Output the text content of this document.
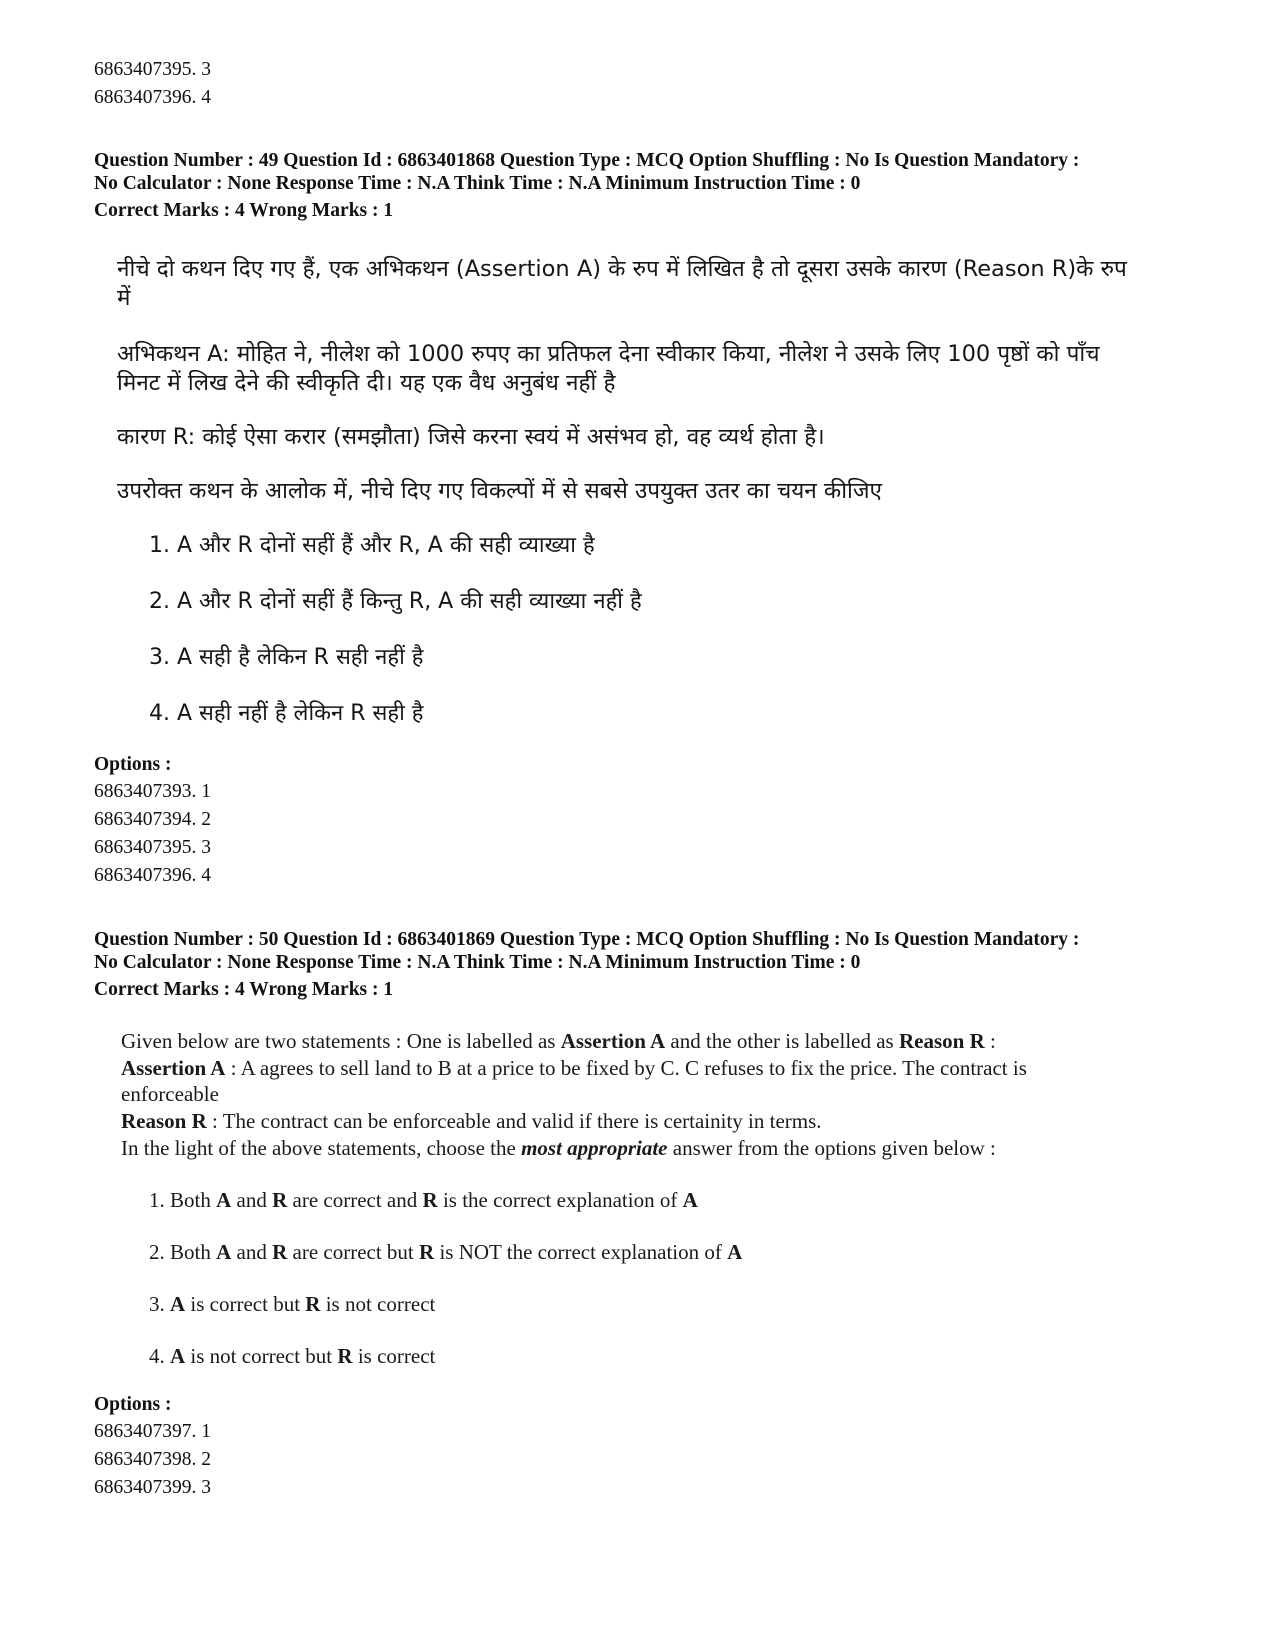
6863407395. 3
6863407396. 4
Question Number : 49 Question Id : 6863401868 Question Type : MCQ Option Shuffling : No Is Question Mandatory :
No Calculator : None Response Time : N.A Think Time : N.A Minimum Instruction Time : 0
Correct Marks : 4 Wrong Marks : 1
नीचे दो कथन दिए गए हैं, एक अभिकथन (Assertion A) के रुप में लिखित है तो दूसरा उसके कारण (Reason R)के रुप
में
अभिकथन A: मोहित ने, नीलेश को 1000 रुपए का प्रतिफल देना स्वीकार किया, नीलेश ने उसके लिए 100 पृष्ठों को पाँच
मिनट में लिख देने की स्वीकृति दी। यह एक वैध अनुबंध नहीं है
कारण R: कोई ऐसा करार (समझौता) जिसे करना स्वयं में असंभव हो, वह व्यर्थ होता है।
उपरोक्त कथन के आलोक में, नीचे दिए गए विकल्पों में से सबसे उपयुक्त उतर का चयन कीजिए
1. A और R दोनों सहीं हैं और R, A की सही व्याख्या है
2. A और R दोनों सहीं हैं किन्तु R, A की सही व्याख्या नहीं है
3. A सही है लेकिन R सही नहीं है
4. A सही नहीं है लेकिन R सही है
Options :
6863407393. 1
6863407394. 2
6863407395. 3
6863407396. 4
Question Number : 50 Question Id : 6863401869 Question Type : MCQ Option Shuffling : No Is Question Mandatory :
No Calculator : None Response Time : N.A Think Time : N.A Minimum Instruction Time : 0
Correct Marks : 4 Wrong Marks : 1
Given below are two statements : One is labelled as Assertion A and the other is labelled as Reason R :
Assertion A : A agrees to sell land to B at a price to be fixed by C. C refuses to fix the price. The contract is
enforceable
Reason R : The contract can be enforceable and valid if there is certainity in terms.
In the light of the above statements, choose the most appropriate answer from the options given below :
1. Both A and R are correct and R is the correct explanation of A
2. Both A and R are correct but R is NOT the correct explanation of A
3. A is correct but R is not correct
4. A is not correct but R is correct
Options :
6863407397. 1
6863407398. 2
6863407399. 3
